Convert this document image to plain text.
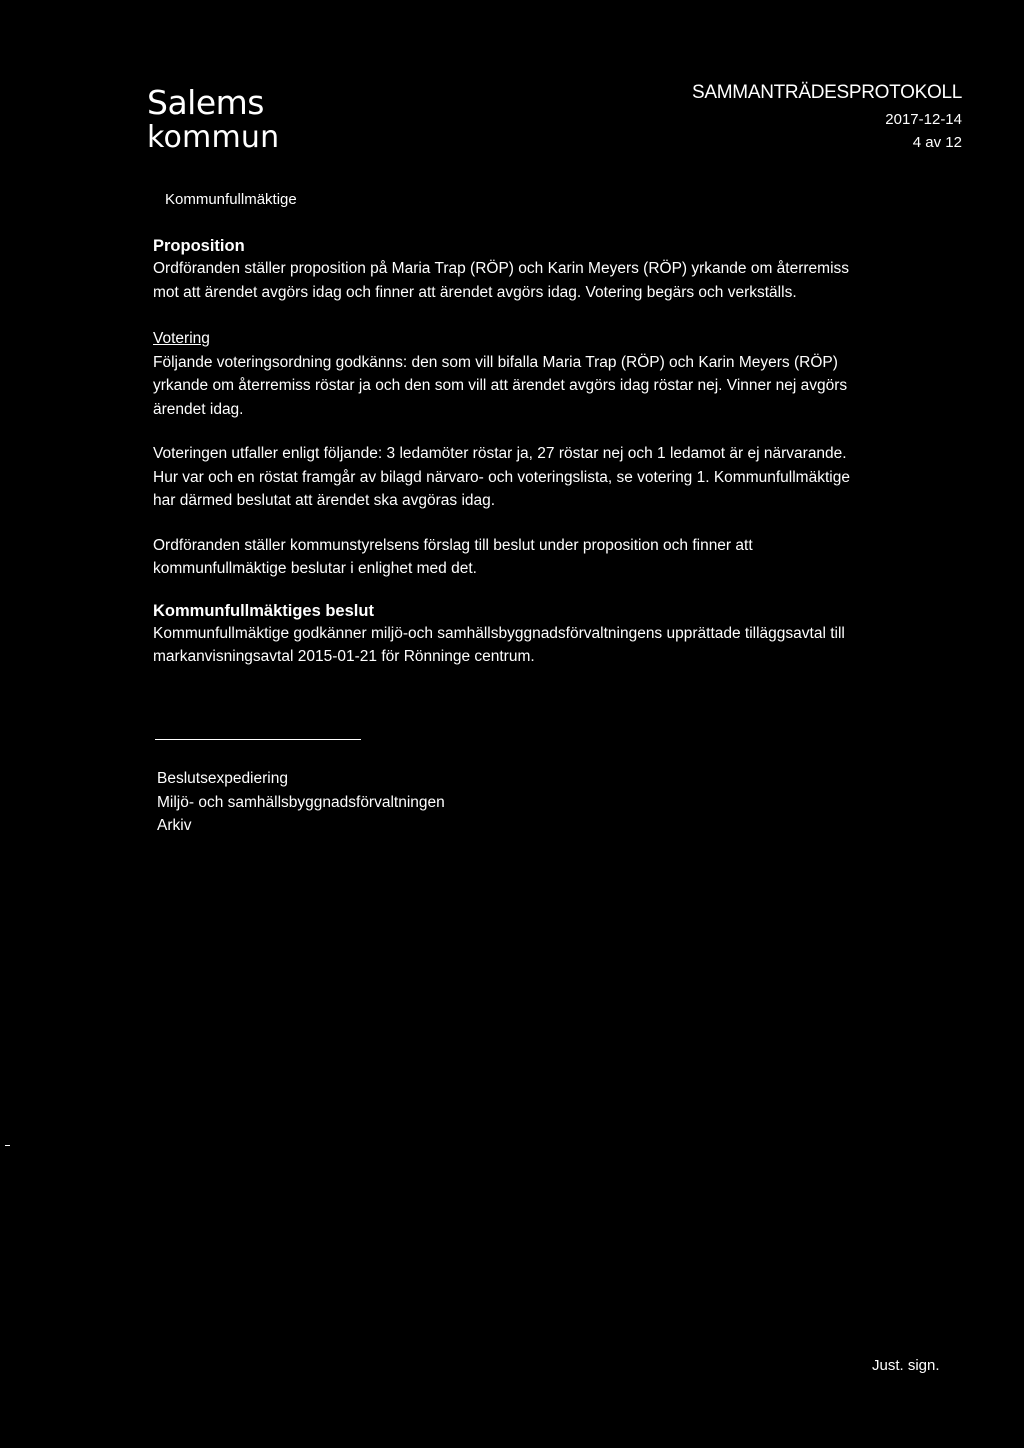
Salems
kommun
SAMMANTRÄDESPROTOKOLL
2017-12-14
4 av 12
Kommunfullmäktige
Proposition

Ordföranden ställer proposition på Maria Trap (RÖP) och Karin Meyers (RÖP) yrkande om återremiss mot att ärendet avgörs idag och finner att ärendet avgörs idag. Votering begärs och verkställs.

Votering

Följande voteringsordning godkänns: den som vill bifalla Maria Trap (RÖP) och Karin Meyers (RÖP) yrkande om återremiss röstar ja och den som vill att ärendet avgörs idag röstar nej. Vinner nej avgörs ärendet idag.

Voteringen utfaller enligt följande: 3 ledamöter röstar ja, 27 röstar nej och 1 ledamot är ej närvarande. Hur var och en röstat framgår av bilagd närvaro- och voteringslista, se votering 1. Kommunfullmäktige har därmed beslutat att ärendet ska avgöras idag.

Ordföranden ställer kommunstyrelsens förslag till beslut under proposition och finner att kommunfullmäktige beslutar i enlighet med det.

Kommunfullmäktiges beslut

Kommunfullmäktige godkänner miljö-och samhällsbyggnadsförvaltningens upprättade tilläggsavtal till markanvisningsavtal 2015-01-21 för Rönninge centrum.

Beslutsexpediering
Miljö- och samhällsbyggnadsförvaltningen
Arkiv
Just. sign.
